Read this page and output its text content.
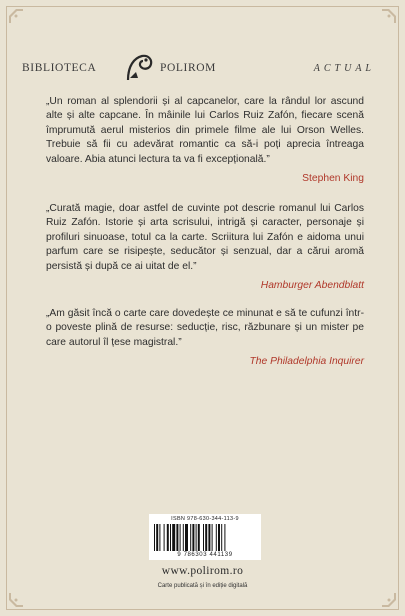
BIBLIOTECA	POLIROM	ACTUAL

„Un roman al splendorii și al capcanelor, care la rândul lor ascund alte și alte capcane. În mâinile lui Carlos Ruiz Zafón, fiecare scenă împrumută aerul misterios din primele filme ale lui Orson Welles. Trebuie să fii cu adevărat romantic ca să-i poți aprecia întreaga valoare. Abia atunci lectura ta va fi excepțională.”

Stephen King

„Curată magie, doar astfel de cuvinte pot descrie romanul lui Carlos Ruiz Zafón. Istorie și arta scrisului, intrigă și caracter, personaje și profiluri sinuoase, totul ca la carte. Scriitura lui Zafón e aidoma unui parfum care se risipește, seducător și senzual, dar a cărui aromă persistă și după ce ai uitat de el.”

Hamburger Abendblatt

„Am găsit încă o carte care dovedește ce minunat e să te cufunzi într-o poveste plină de resurse: seducție, risc, răzbunare și un mister pe care autorul îl țese magistral.”

The Philadelphia Inquirer

ISBN 978-630-344-113-9
9 786303 441139
www.polirom.ro
Carte publicată și în ediție digitală
